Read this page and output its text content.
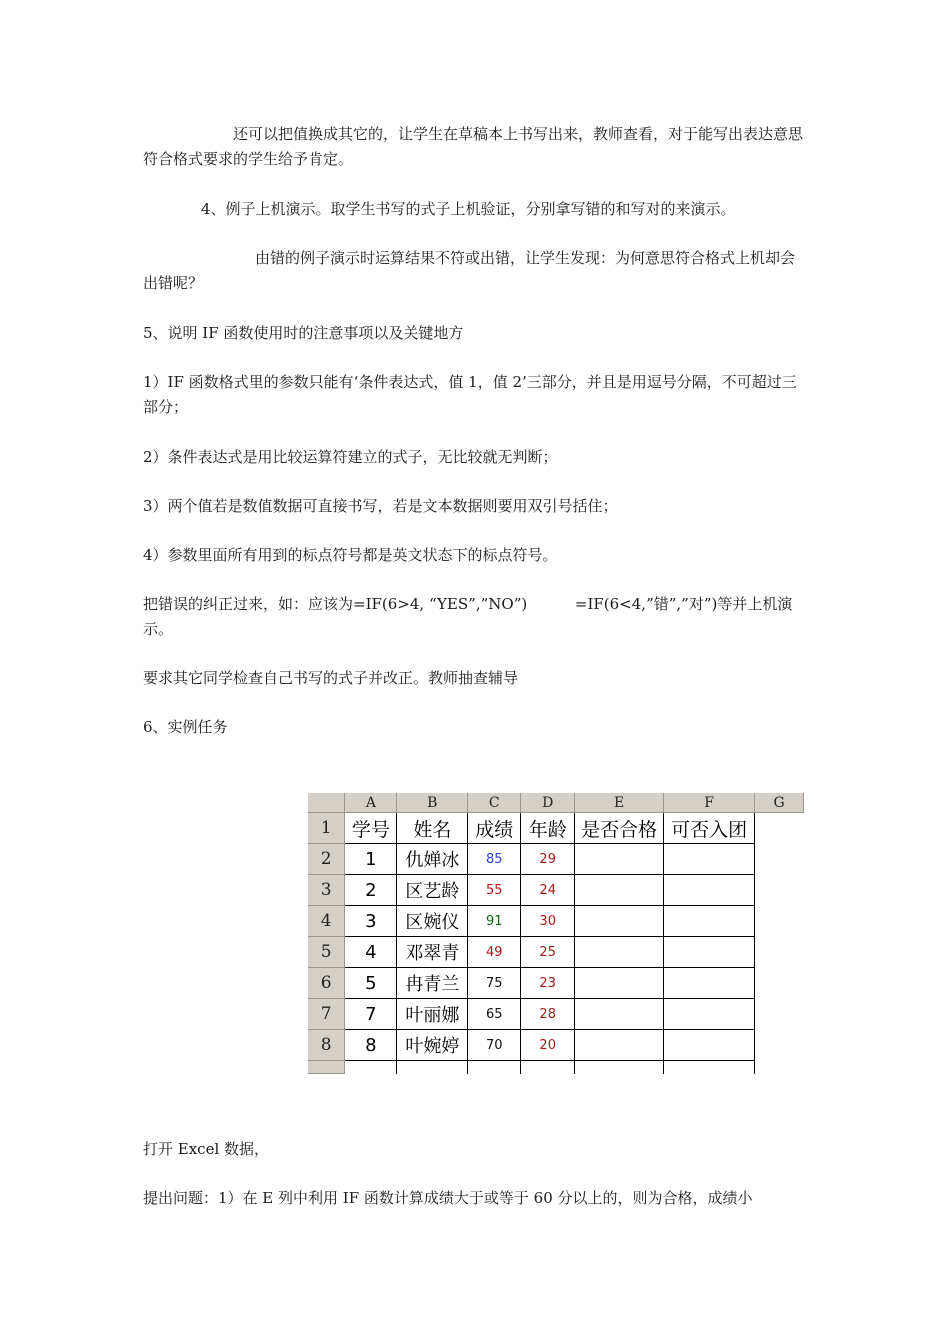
还可以把值换成其它的，让学生在草稿本上书写出来，教师查看，对于能写出表达意思符合格式要求的学生给予肯定。

4、例子上机演示。取学生书写的式子上机验证，分别拿写错的和写对的来演示。

由错的例子演示时运算结果不符或出错，让学生发现：为何意思符合格式上机却会出错呢？

5、说明 IF 函数使用时的注意事项以及关键地方

1）IF 函数格式里的参数只能有‘条件表达式，值 1，值 2’三部分，并且是用逗号分隔，不可超过三部分；

2）条件表达式是用比较运算符建立的式子，无比较就无判断；

3）两个值若是数值数据可直接书写，若是文本数据则要用双引号括住；

4）参数里面所有用到的标点符号都是英文状态下的标点符号。

把错误的纠正过来，如：应该为=IF(6>4, “YES”,”NO”)          =IF(6<4,”错”,”对”)等并上机演示。

要求其它同学检查自己书写的式子并改正。教师抽查辅导

6、实例任务

	A	B	C	D	E	F	G
1	学号	姓名	成绩	年龄	是否合格	可否入团	
2	1	仇婵冰	85	29			
3	2	区艺龄	55	24			
4	3	区婉仪	91	30			
5	4	邓翠青	49	25			
6	5	冉青兰	75	23			
7	7	叶丽娜	65	28			
8	8	叶婉婷	70	20			

打开 Excel 数据，

提出问题：1）在 E 列中利用 IF 函数计算成绩大于或等于 60 分以上的，则为合格，成绩小
